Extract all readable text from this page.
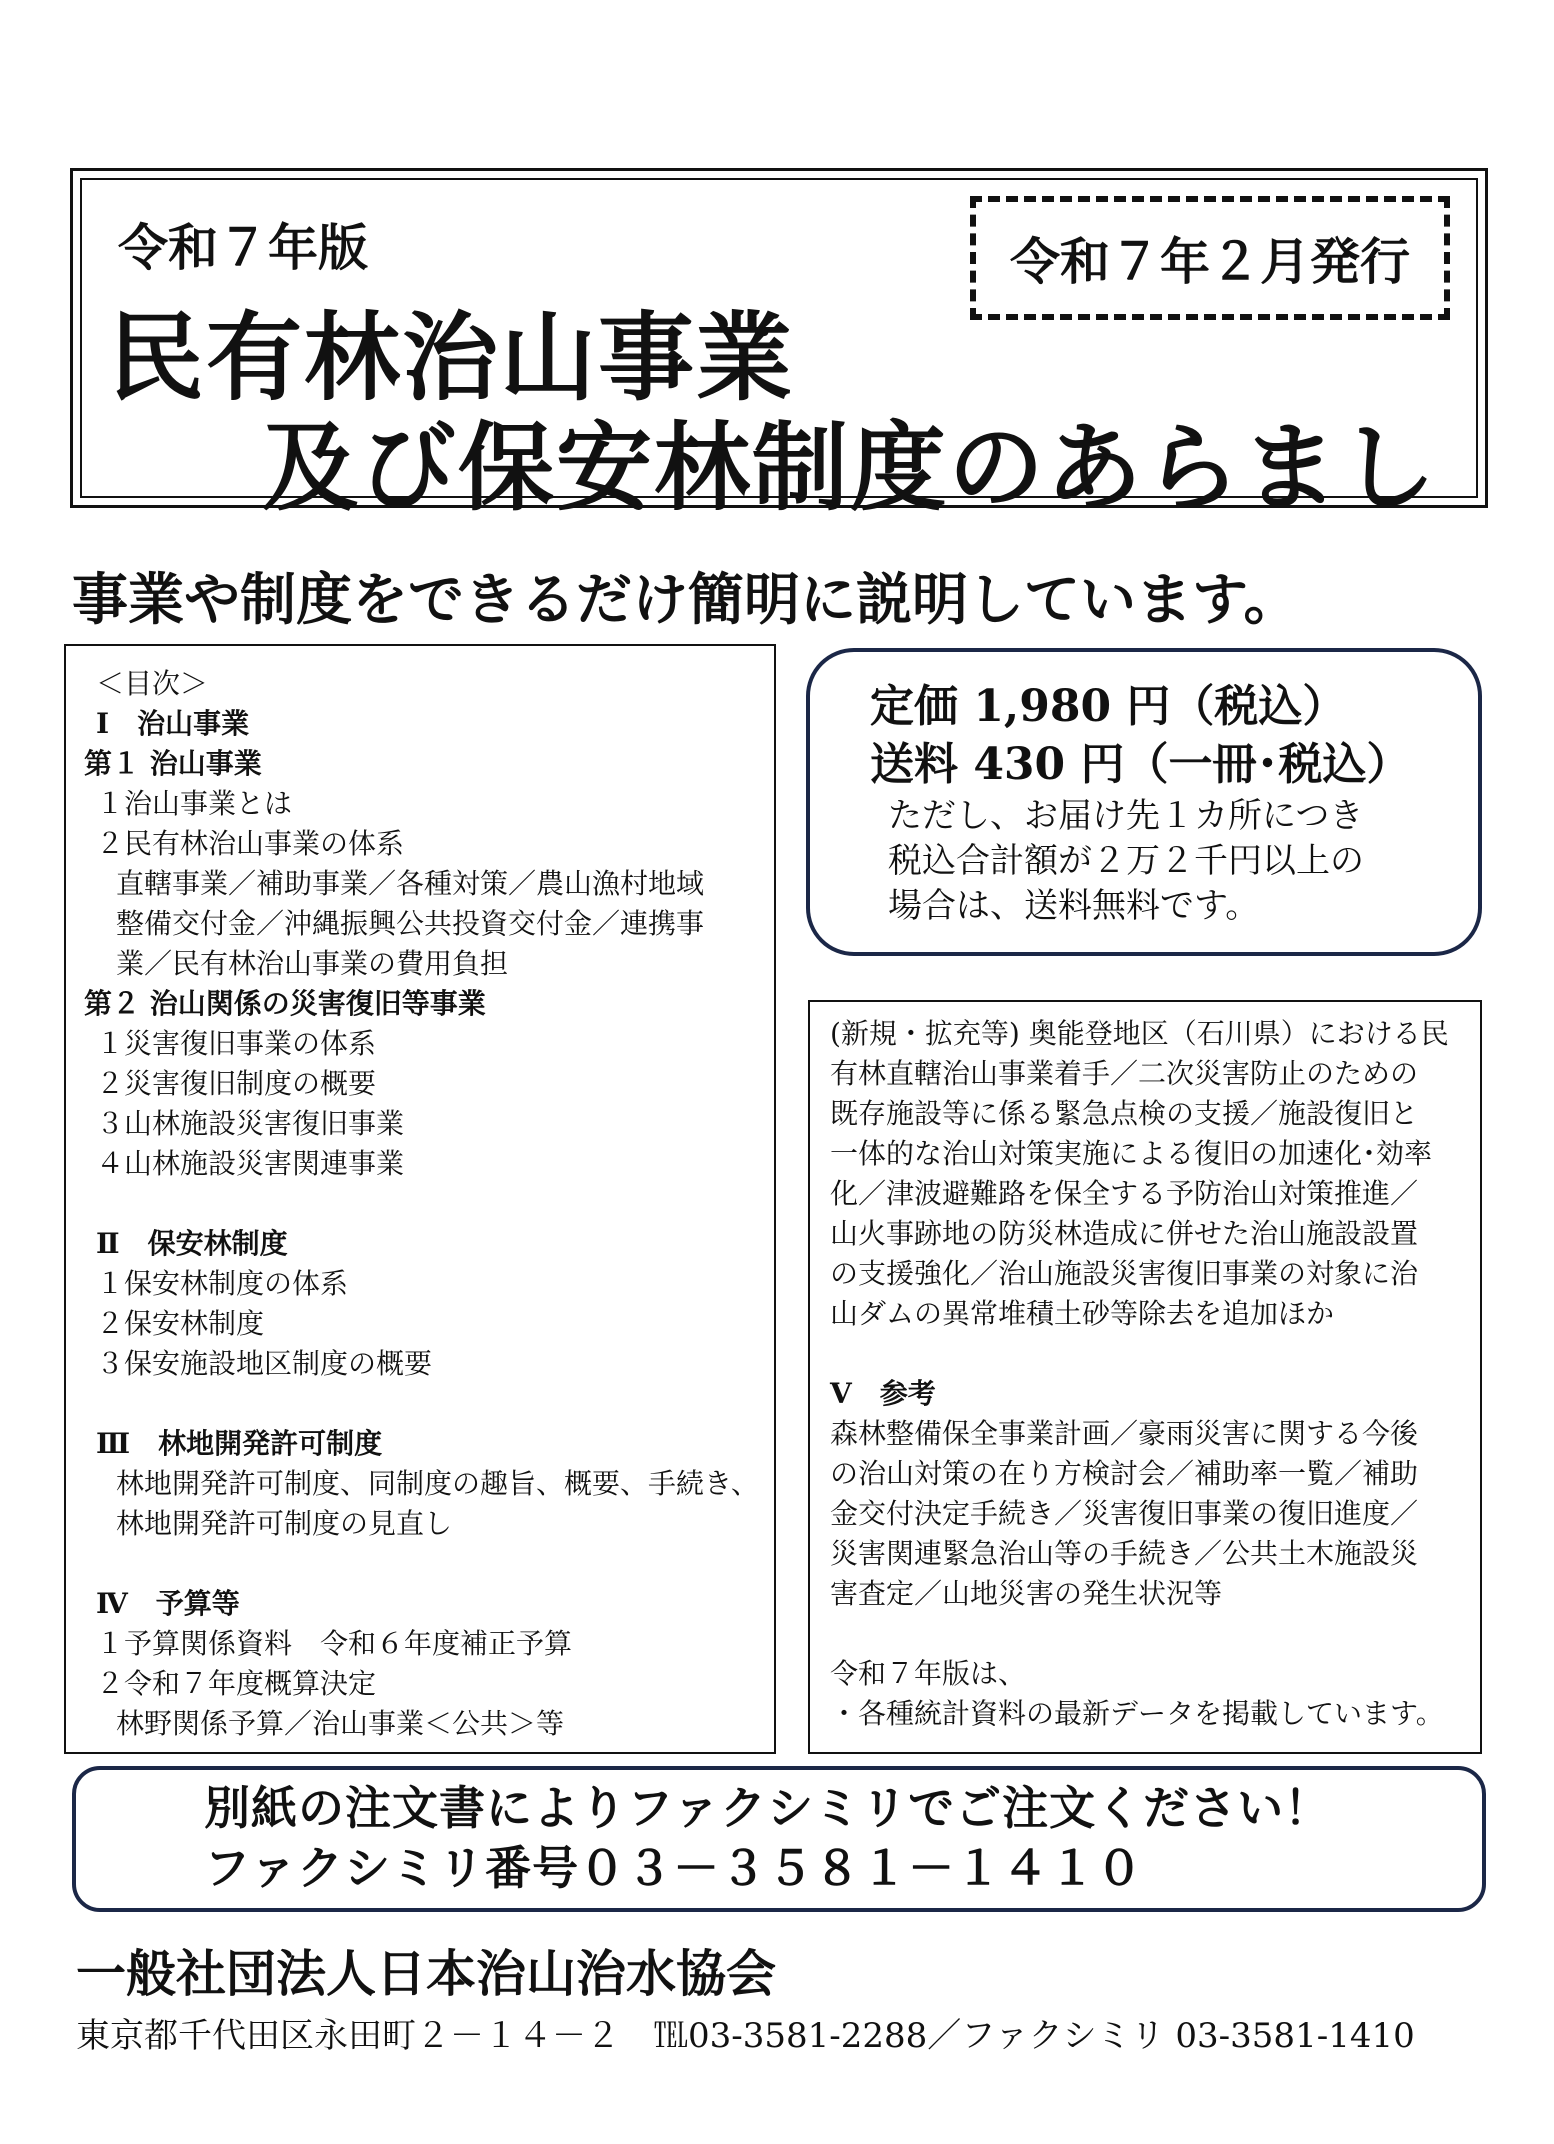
令和７年版
民有林治山事業
及び保安林制度のあらまし
令和７年２月発行
事業や制度をできるだけ簡明に説明しています。
＜目次＞
Ⅰ　治山事業
第１ 治山事業
１治山事業とは
２民有林治山事業の体系
直轄事業／補助事業／各種対策／農山漁村地域
整備交付金／沖縄振興公共投資交付金／連携事
業／民有林治山事業の費用負担
第２ 治山関係の災害復旧等事業
１災害復旧事業の体系
２災害復旧制度の概要
３山林施設災害復旧事業
４山林施設災害関連事業
Ⅱ　保安林制度
１保安林制度の体系
２保安林制度
３保安施設地区制度の概要
Ⅲ　林地開発許可制度
林地開発許可制度、同制度の趣旨、概要、手続き、
林地開発許可制度の見直し
Ⅳ　予算等
１予算関係資料　令和６年度補正予算
２令和７年度概算決定
林野関係予算／治山事業＜公共＞等
定価 1,980 円（税込）
送料 430 円（一冊･税込）
ただし、お届け先１カ所につき
税込合計額が２万２千円以上の
場合は、送料無料です。
(新規・拡充等) 奥能登地区（石川県）における民
有林直轄治山事業着手／二次災害防止のための
既存施設等に係る緊急点検の支援／施設復旧と
一体的な治山対策実施による復旧の加速化･効率
化／津波避難路を保全する予防治山対策推進／
山火事跡地の防災林造成に併せた治山施設設置
の支援強化／治山施設災害復旧事業の対象に治
山ダムの異常堆積土砂等除去を追加ほか
Ⅴ　参考
森林整備保全事業計画／豪雨災害に関する今後
の治山対策の在り方検討会／補助率一覧／補助
金交付決定手続き／災害復旧事業の復旧進度／
災害関連緊急治山等の手続き／公共土木施設災
害査定／山地災害の発生状況等
令和７年版は、
・各種統計資料の最新データを掲載しています。
別紙の注文書によりファクシミリでご注文ください！
ファクシミリ番号０３－３５８１－１４１０
一般社団法人日本治山治水協会
東京都千代田区永田町２－１４－２　℡03-3581-2288／ファクシミリ 03-3581-1410
